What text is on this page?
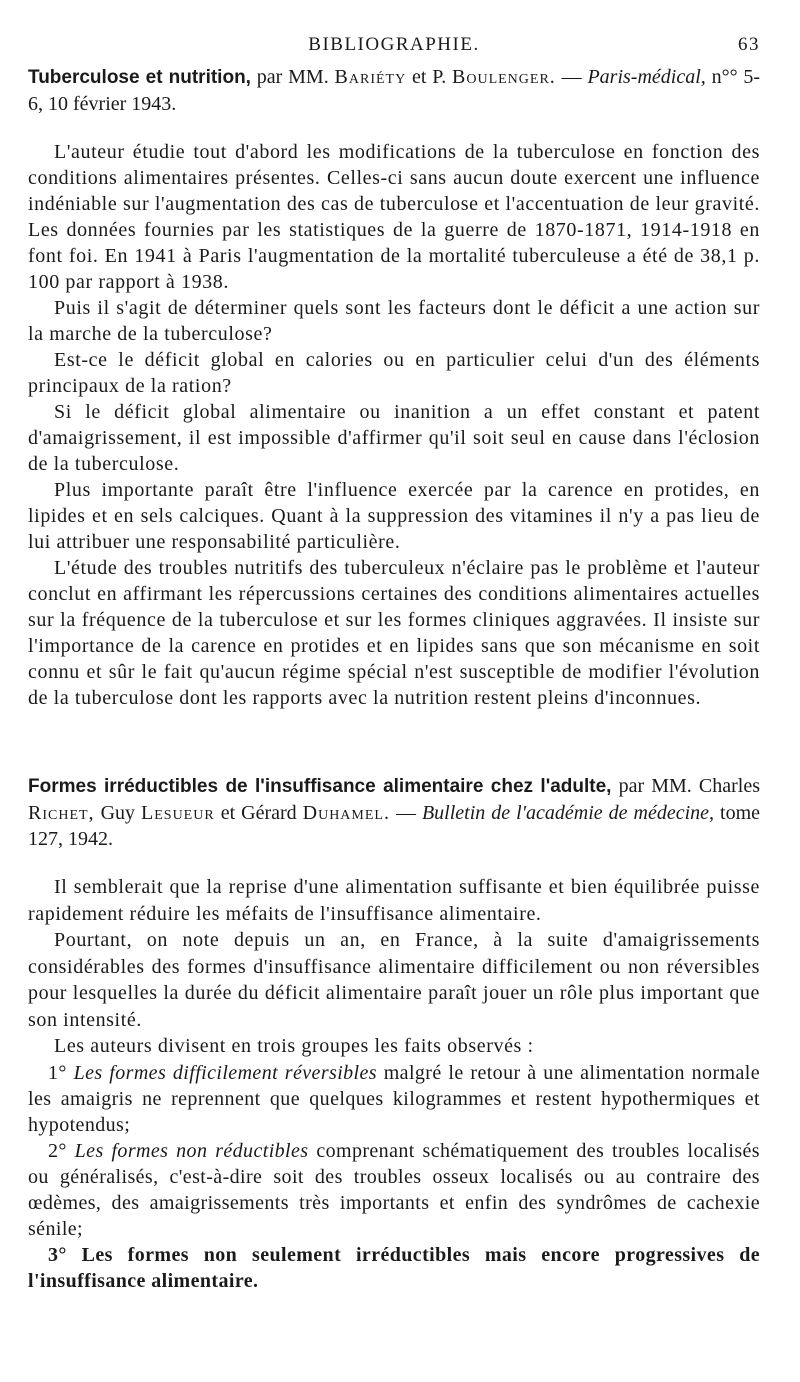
BIBLIOGRAPHIE.	63

Tuberculose et nutrition, par MM. Bariéty et P. Boulenger. — Paris-médical, n°° 5-6, 10 février 1943.

L'auteur étudie tout d'abord les modifications de la tuberculose en fonction des conditions alimentaires présentes. Celles-ci sans aucun doute exercent une influence indéniable sur l'augmentation des cas de tuberculose et l'accentuation de leur gravité. Les données fournies par les statistiques de la guerre de 1870-1871, 1914-1918 en font foi. En 1941 à Paris l'augmentation de la mortalité tuberculeuse a été de 38,1 p. 100 par rapport à 1938.

Puis il s'agit de déterminer quels sont les facteurs dont le déficit a une action sur la marche de la tuberculose?

Est-ce le déficit global en calories ou en particulier celui d'un des éléments principaux de la ration?

Si le déficit global alimentaire ou inanition a un effet constant et patent d'amaigrissement, il est impossible d'affirmer qu'il soit seul en cause dans l'éclosion de la tuberculose.

Plus importante paraît être l'influence exercée par la carence en protides, en lipides et en sels calciques. Quant à la suppression des vitamines il n'y a pas lieu de lui attribuer une responsabilité particulière.

L'étude des troubles nutritifs des tuberculeux n'éclaire pas le problème et l'auteur conclut en affirmant les répercussions certaines des conditions alimentaires actuelles sur la fréquence de la tuberculose et sur les formes cliniques aggravées. Il insiste sur l'importance de la carence en protides et en lipides sans que son mécanisme en soit connu et sûr le fait qu'aucun régime spécial n'est susceptible de modifier l'évolution de la tuberculose dont les rapports avec la nutrition restent pleins d'inconnues.

Formes irréductibles de l'insuffisance alimentaire chez l'adulte, par MM. Charles Richet, Guy Lesueur et Gérard Duhamel. — Bulletin de l'académie de médecine, tome 127, 1942.

Il semblerait que la reprise d'une alimentation suffisante et bien équilibrée puisse rapidement réduire les méfaits de l'insuffisance alimentaire.

Pourtant, on note depuis un an, en France, à la suite d'amaigrissements considérables des formes d'insuffisance alimentaire difficilement ou non réversibles pour lesquelles la durée du déficit alimentaire paraît jouer un rôle plus important que son intensité.

Les auteurs divisent en trois groupes les faits observés :

1° Les formes difficilement réversibles malgré le retour à une alimentation normale les amaigris ne reprennent que quelques kilogrammes et restent hypothermiques et hypotendus;

2° Les formes non réductibles comprenant schématiquement des troubles localisés ou généralisés, c'est-à-dire soit des troubles osseux localisés ou au contraire des œdèmes, des amaigrissements très importants et enfin des syndrômes de cachexie sénile;

3° Les formes non seulement irréductibles mais encore progressives de l'insuffisance alimentaire.
